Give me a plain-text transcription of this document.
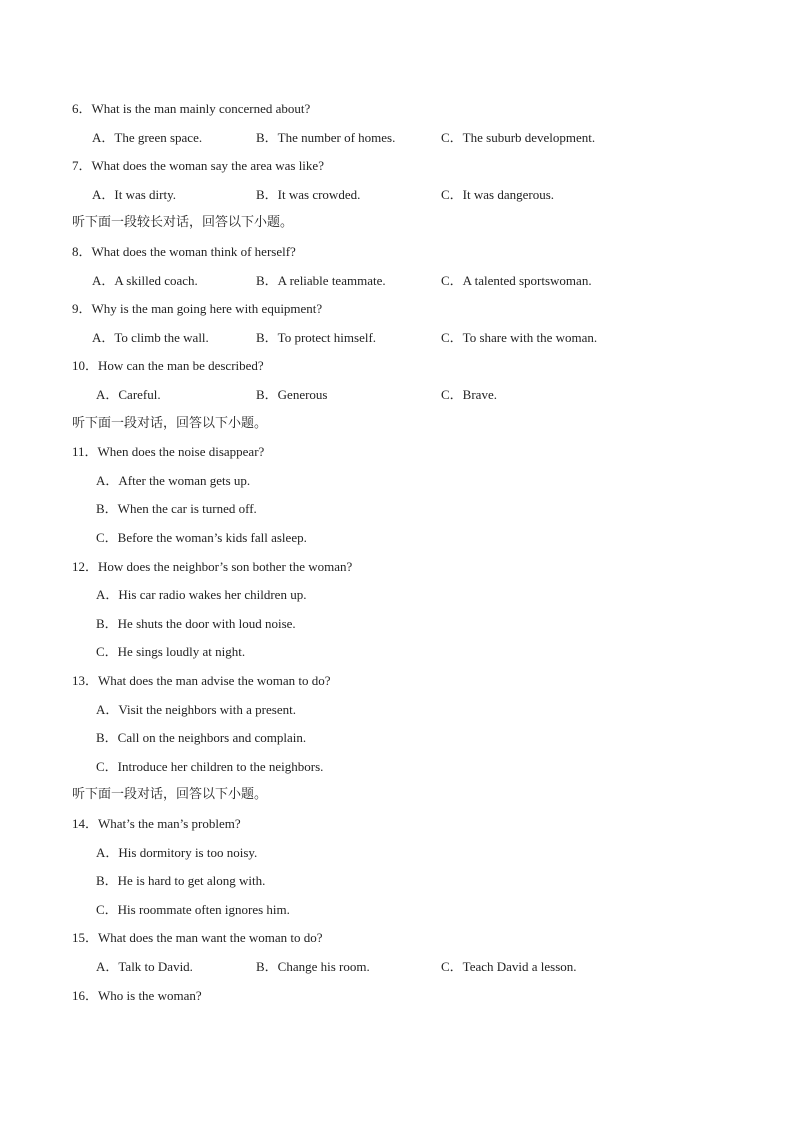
6．What is the man mainly concerned about?
A．The green space.	B．The number of homes.	C．The suburb development.
7．What does the woman say the area was like?
A．It was dirty.	B．It was crowded.	C．It was dangerous.
听下面一段较长对话，回答以下小题。
8．What does the woman think of herself?
A．A skilled coach.	B．A reliable teammate.	C．A talented sportswoman.
9．Why is the man going here with equipment?
A．To climb the wall.	B．To protect himself.	C．To share with the woman.
10．How can the man be described?
A．Careful.	B．Generous	C．Brave.
听下面一段对话，回答以下小题。
11．When does the noise disappear?
A．After the woman gets up.
B．When the car is turned off.
C．Before the woman’s kids fall asleep.
12．How does the neighbor’s son bother the woman?
A．His car radio wakes her children up.
B．He shuts the door with loud noise.
C．He sings loudly at night.
13．What does the man advise the woman to do?
A．Visit the neighbors with a present.
B．Call on the neighbors and complain.
C．Introduce her children to the neighbors.
听下面一段对话，回答以下小题。
14．What’s the man’s problem?
A．His dormitory is too noisy.
B．He is hard to get along with.
C．His roommate often ignores him.
15．What does the man want the woman to do?
A．Talk to David.	B．Change his room.	C．Teach David a lesson.
16．Who is the woman?
